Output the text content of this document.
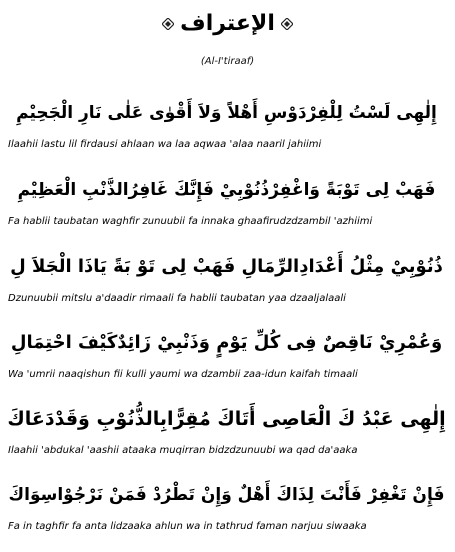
الإعتراف
(Al-I'tiraaf)
إِلٰهِى لَسْتُ لِلْفِرْدَوْسِ أَهْلاً وَلاَ أَقْوٰى عَلٰى نَارِ الْجَحِيْمِ
Ilaahii lastu lil firdausi ahlaan wa laa aqwaa 'alaa naaril jahiimi
فَهَبْ لِى تَوْبَةً وَاغْفِرْذُنُوْبِيْ فَإِنَّكَ غَافِرُالذَّنْبِ الْعَظِيْمِ
Fa hablii taubatan waghfir zunuubii fa innaka ghaafirudzdzambil 'azhiimi
ذُنُوْبِيْ مِثْلُ أَعْدَادِالرِّمَالِ فَهَبْ لِى تَوْ بَةً يَاذَا الْجَلاَ لِ
Dzunuubii mitslu a'daadir rimaali fa hablii taubatan yaa dzaaljalaali
وَعُمْرِيْ نَاقِصٌ فِى كُلِّ يَوْمٍ وَذَنْبِيْ زَائِدٌكَيْفَ احْتِمَالِ
Wa 'umrii naaqishun fii kulli yaumi wa dzambii zaa-idun kaifah timaali
إِلٰهِى عَبْدُ كَ الْعَاصِى أَتَاكَ مُقِرًّابِالذُّنُوْبِ وَقَدْدَعَاكَ
Ilaahii 'abdukal 'aashii ataaka muqirran bidzdzunuubi wa qad da'aaka
فَإِنْ تَغْفِرْ فَأَنْتَ لِذَاكَ أَهْلٌ وَإِنْ تَطْرُدْ فَمَنْ نَرْجُوْاسِوَاكَ
Fa in taghfir fa anta lidzaaka ahlun wa in tathrud faman narjuu siwaaka
